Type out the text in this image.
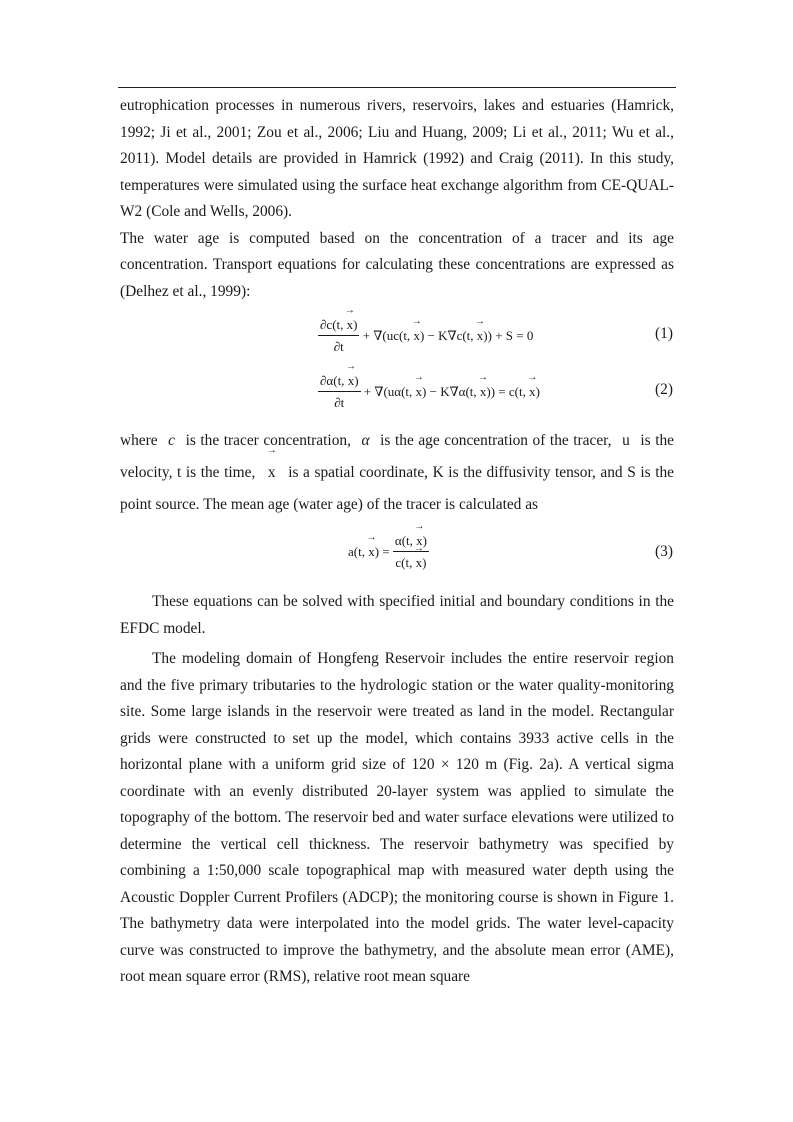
eutrophication processes in numerous rivers, reservoirs, lakes and estuaries (Hamrick, 1992; Ji et al., 2001; Zou et al., 2006; Liu and Huang, 2009; Li et al., 2011; Wu et al., 2011). Model details are provided in Hamrick (1992) and Craig (2011). In this study, temperatures were simulated using the surface heat exchange algorithm from CE-QUAL-W2 (Cole and Wells, 2006).

The water age is computed based on the concentration of a tracer and its age concentration. Transport equations for calculating these concentrations are expressed as (Delhez et al., 1999):

$\frac{\partial c(t, \to x)}{\partial t} + \nabla(uc(t$, → x) − K∇c(t, → x)) + S = 0	(1)
$\frac{\partial\alpha(t, \to x)}{\partial t} + \nabla(u\alpha(t$, → x) − K∇α(t, → x)) = c(t, → x)	(2)

where c is the tracer concentration, α is the age concentration of the tracer, u is the velocity, t is the time, → x is a spatial coordinate, K is the diffusivity tensor, and S is the point source. The mean age (water age) of the tracer is calculated as

a(t, → $x) = \frac{\alpha(t, \to x)}{c(t, \to x)}$	(3)

These equations can be solved with specified initial and boundary conditions in the EFDC model.

The modeling domain of Hongfeng Reservoir includes the entire reservoir region and the five primary tributaries to the hydrologic station or the water quality-monitoring site. Some large islands in the reservoir were treated as land in the model. Rectangular grids were constructed to set up the model, which contains 3933 active cells in the horizontal plane with a uniform grid size of 120 × 120 m (Fig. 2a). A vertical sigma coordinate with an evenly distributed 20-layer system was applied to simulate the topography of the bottom. The reservoir bed and water surface elevations were utilized to determine the vertical cell thickness. The reservoir bathymetry was specified by combining a 1:50,000 scale topographical map with measured water depth using the Acoustic Doppler Current Profilers (ADCP); the monitoring course is shown in Figure 1. The bathymetry data were interpolated into the model grids. The water level-capacity curve was constructed to improve the bathymetry, and the absolute mean error (AME), root mean square error (RMS), relative root mean square
